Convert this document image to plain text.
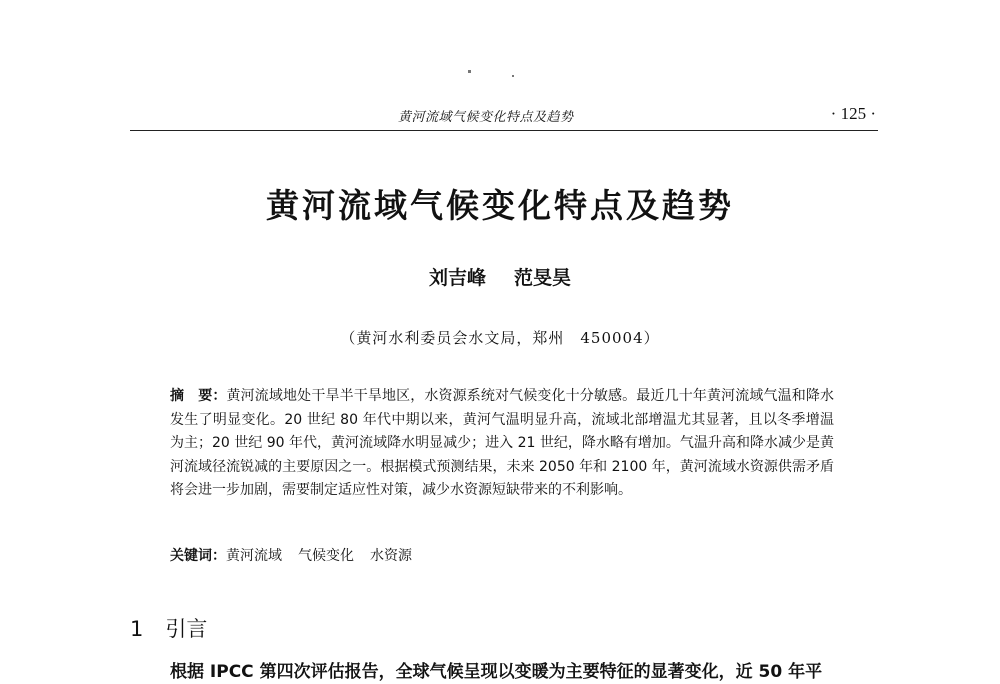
黄河流域气候变化特点及趋势	· 125 ·
黄河流域气候变化特点及趋势
刘吉峰 范旻昊
（黄河水利委员会水文局，郑州　450004）
摘　要：黄河流域地处干旱半干旱地区，水资源系统对气候变化十分敏感。最近几十年黄河流域气温和降水发生了明显变化。20 世纪 80 年代中期以来，黄河气温明显升高，流域北部增温尤其显著，且以冬季增温为主；20 世纪 90 年代，黄河流域降水明显减少；进入 21 世纪，降水略有增加。气温升高和降水减少是黄河流域径流锐减的主要原因之一。根据模式预测结果，未来 2050 年和 2100 年，黄河流域水资源供需矛盾将会进一步加剧，需要制定适应性对策，减少水资源短缺带来的不利影响。
关键词：黄河流域 气候变化 水资源
1 引言
根据 IPCC 第四次评估报告，全球气候呈现以变暖为主要特征的显著变化，近 50 年平
